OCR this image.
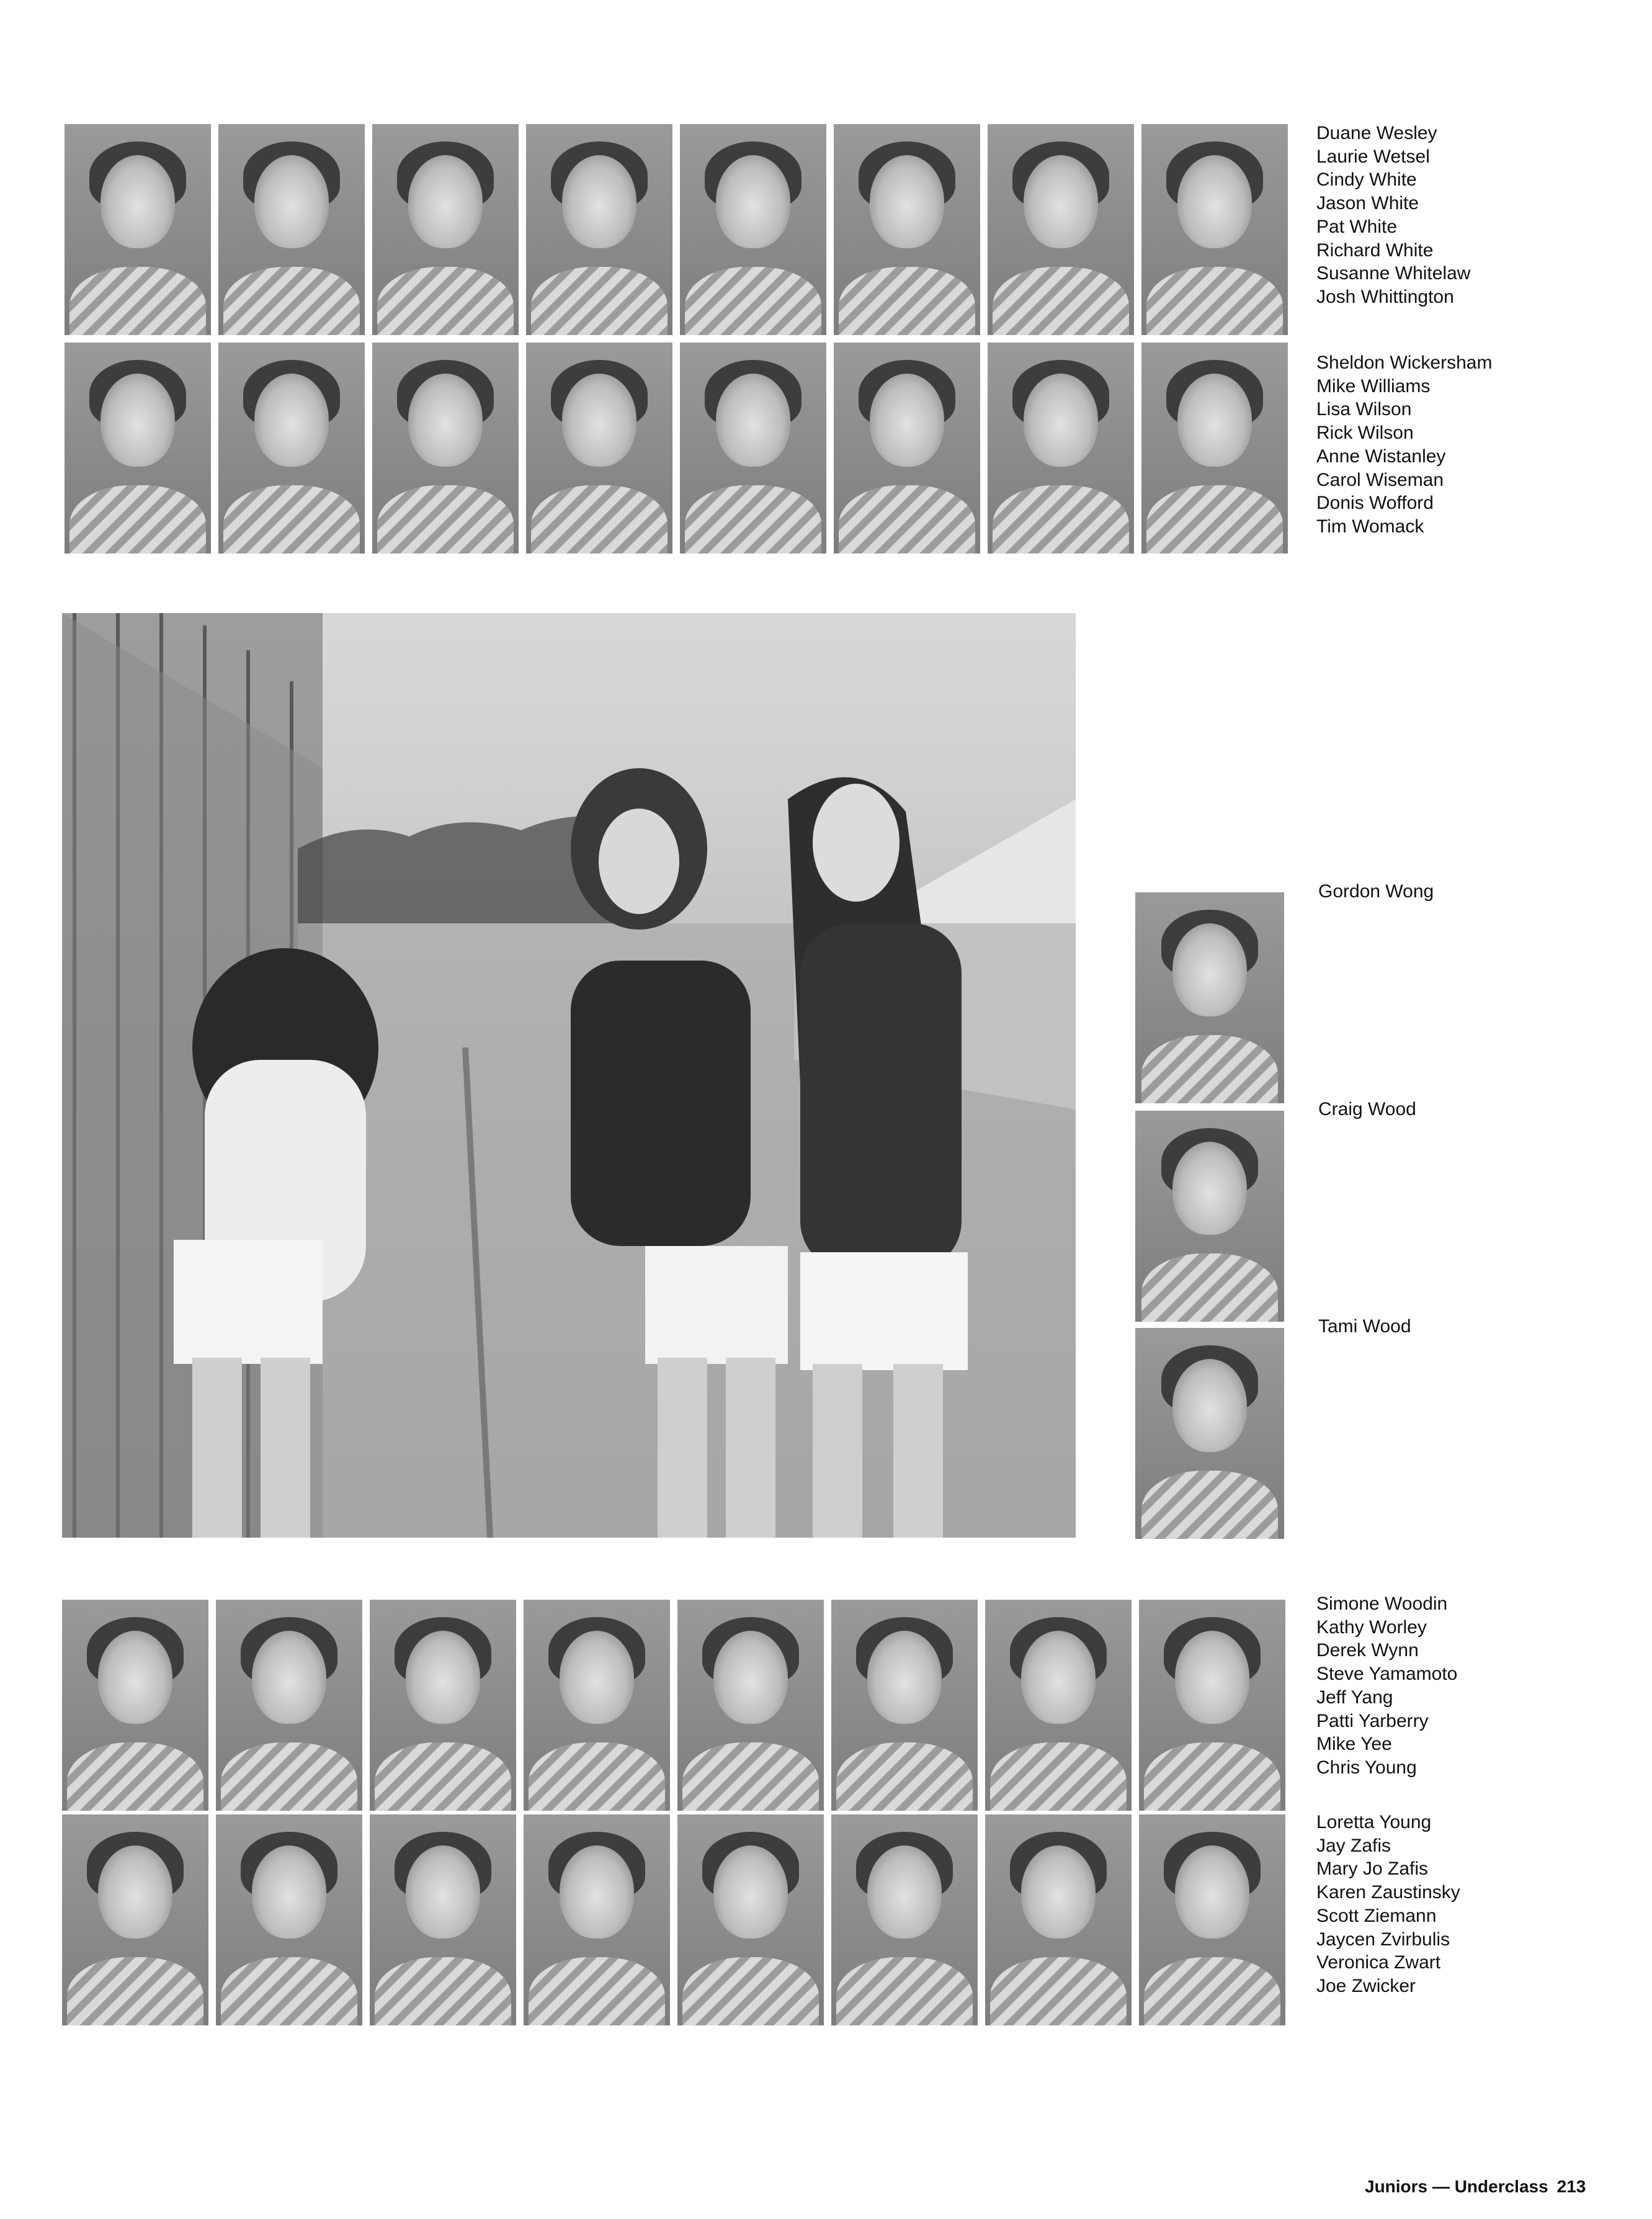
Duane Wesley
Laurie Wetsel
Cindy White
Jason White
Pat White
Richard White
Susanne Whitelaw
Josh Whittington
Sheldon Wickersham
Mike Williams
Lisa Wilson
Rick Wilson
Anne Wistanley
Carol Wiseman
Donis Wofford
Tim Womack
Gordon Wong
Craig Wood
Tami Wood
Simone Woodin
Kathy Worley
Derek Wynn
Steve Yamamoto
Jeff Yang
Patti Yarberry
Mike Yee
Chris Young
Loretta Young
Jay Zafis
Mary Jo Zafis
Karen Zaustinsky
Scott Ziemann
Jaycen Zvirbulis
Veronica Zwart
Joe Zwicker
Juniors — Underclass 213
